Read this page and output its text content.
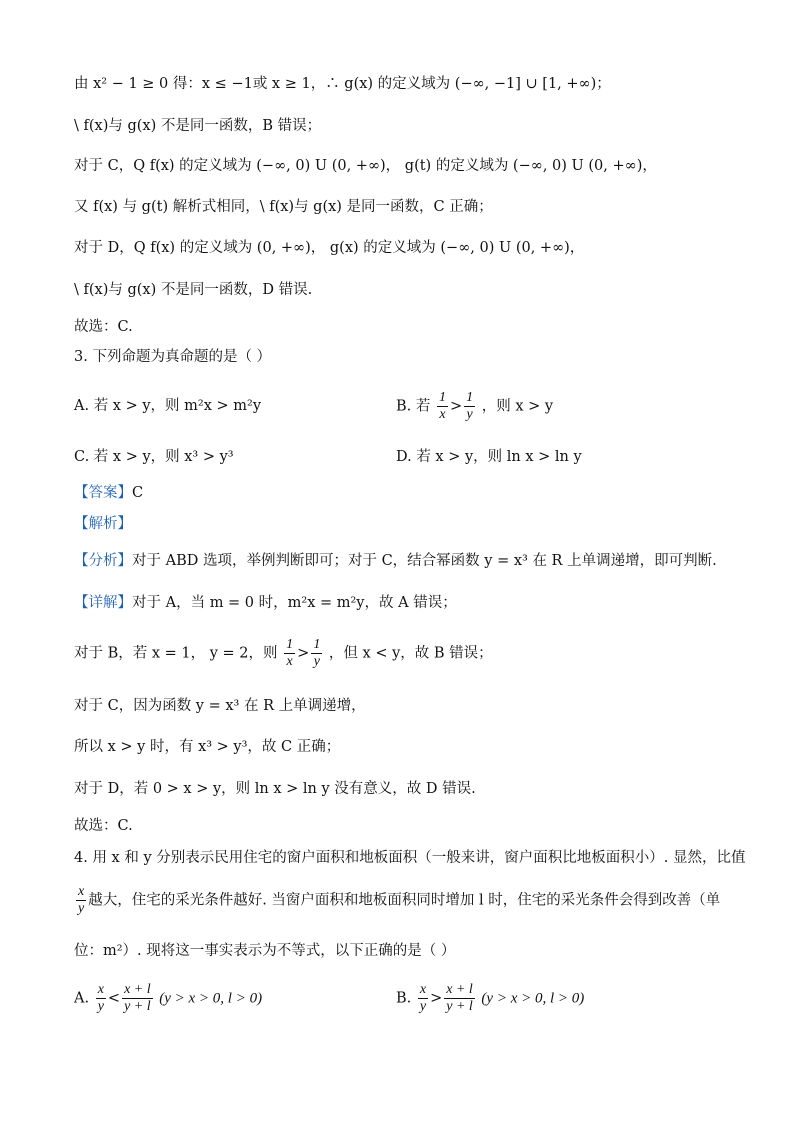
由 x² − 1 ≥ 0 得：x ≤ −1或 x ≥ 1，∴ g(x) 的定义域为 (−∞, −1] ∪ [1, +∞)；
\ f(x)与 g(x) 不是同一函数，B 错误；
对于 C，Q f(x) 的定义域为 (−∞, 0) U (0, +∞)， g(t) 的定义域为 (−∞, 0) U (0, +∞)，
又 f(x) 与 g(t) 解析式相同，\ f(x)与 g(x) 是同一函数，C 正确；
对于 D，Q f(x) 的定义域为 (0, +∞)， g(x) 的定义域为 (−∞, 0) U (0, +∞)，
\ f(x)与 g(x) 不是同一函数，D 错误.
故选：C.
3. 下列命题为真命题的是（ ）
A. 若 x > y，则 m²x > m²y	B. 若 $\frac{1}{x} > \frac{1}{y}$ ，则 x > y
C. 若 x > y，则 x³ > y³	D. 若 x > y，则 ln x > ln y
【答案】C
【解析】
【分析】对于 ABD 选项，举例判断即可；对于 C，结合幂函数 y = x³ 在 R 上单调递增，即可判断.
【详解】对于 A，当 m = 0 时，m²x = m²y，故 A 错误；
对于 B，若 x = 1， y = 2，则 $\frac{1}{x} > \frac{1}{y}$ ，但 x < y，故 B 错误；
对于 C，因为函数 y = x³ 在 R 上单调递增，
所以 x > y 时，有 x³ > y³，故 C 正确；
对于 D，若 0 > x > y，则 ln x > ln y 没有意义，故 D 错误.
故选：C.
4. 用 x 和 y 分别表示民用住宅的窗户面积和地板面积（一般来讲，窗户面积比地板面积小）. 显然，比值
$\frac{x}{y}$ 越大，住宅的采光条件越好. 当窗户面积和地板面积同时增加 l 时，住宅的采光条件会得到改善（单
位：m²）. 现将这一事实表示为不等式，以下正确的是（ ）
A. $\frac{x}{y} < \frac{x + l}{y + l} (y > x > 0$, l > 0)	B. $\frac{x}{y} > \frac{x + l}{y + l} (y > x > 0$, l > 0)
